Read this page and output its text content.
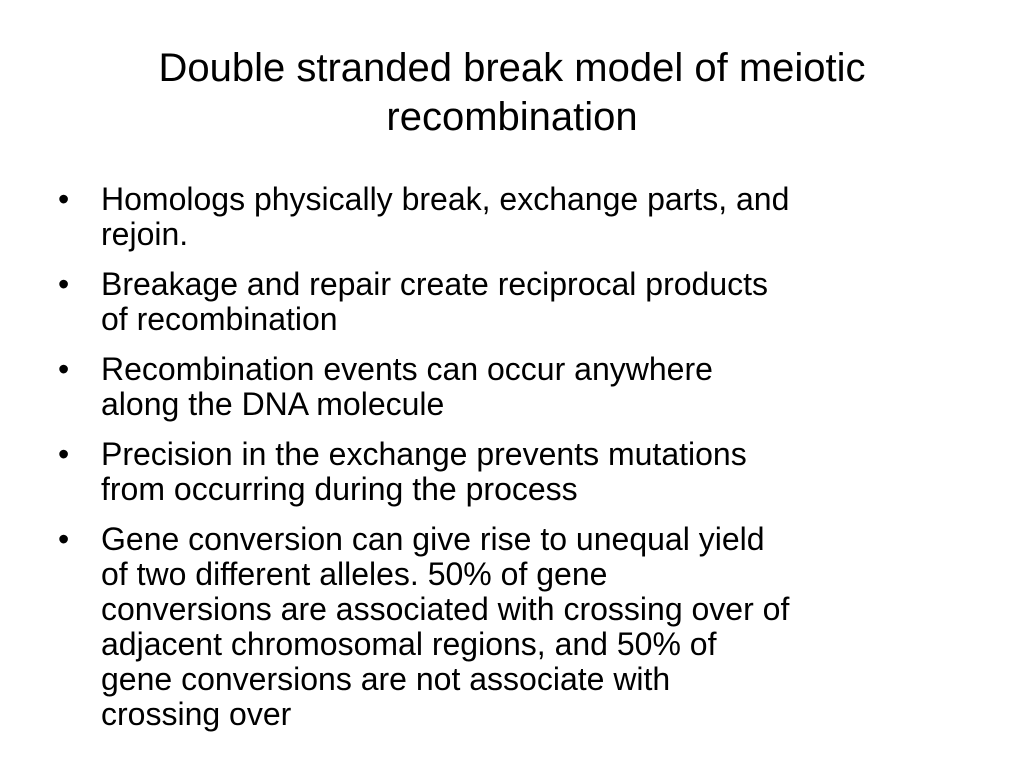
Double stranded break model of meiotic
recombination
• Homologs physically break, exchange parts, and
rejoin.
• Breakage and repair create reciprocal products
of recombination
• Recombination events can occur anywhere
along the DNA molecule
• Precision in the exchange prevents mutations
from occurring during the process
• Gene conversion can give rise to unequal yield
of two different alleles. 50% of gene
conversions are associated with crossing over of
adjacent chromosomal regions, and 50% of
gene conversions are not associate with
crossing over
